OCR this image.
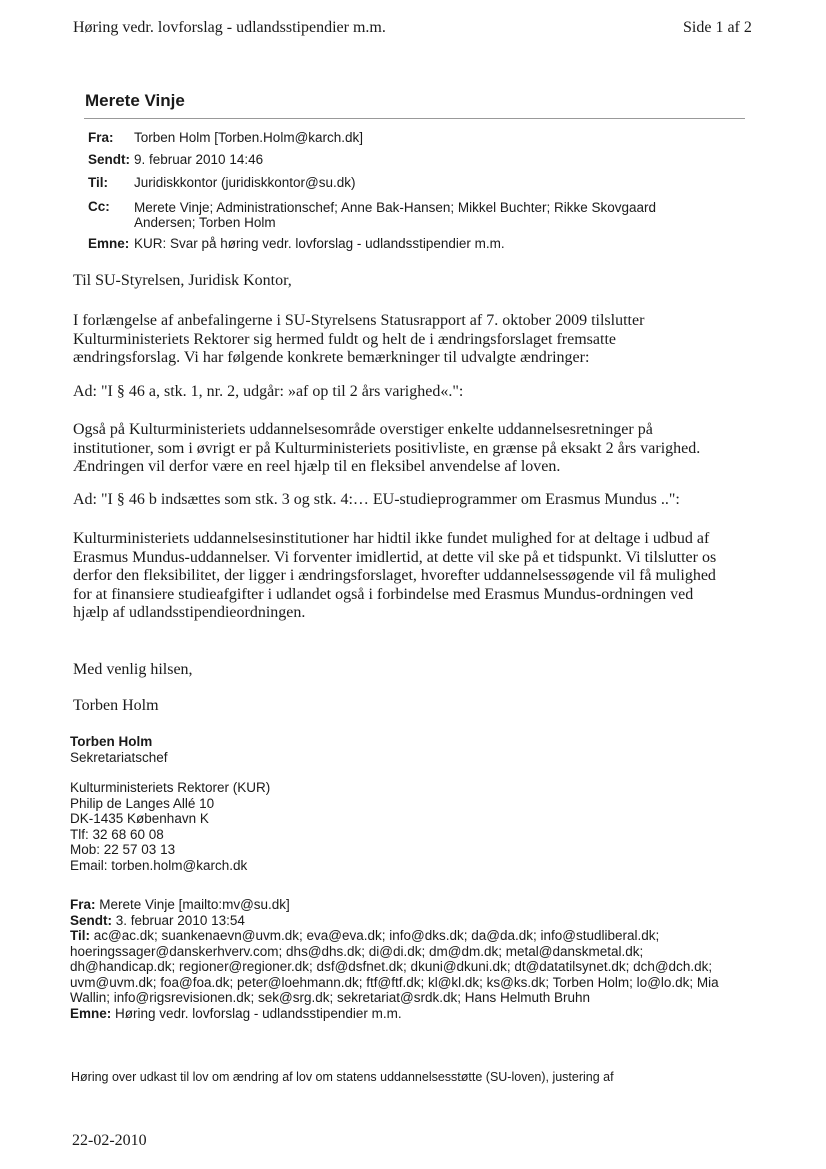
Høring vedr. lovforslag - udlandsstipendier m.m.	Side 1 af 2
Merete Vinje
Fra: Torben Holm [Torben.Holm@karch.dk]
Sendt: 9. februar 2010 14:46
Til: Juridiskkontor (juridiskkontor@su.dk)
Cc: Merete Vinje; Administrationschef; Anne Bak-Hansen; Mikkel Buchter; Rikke Skovgaard
Andersen; Torben Holm
Emne: KUR: Svar på høring vedr. lovforslag - udlandsstipendier m.m.

Til SU-Styrelsen, Juridisk Kontor,

I forlængelse af anbefalingerne i SU-Styrelsens Statusrapport af 7. oktober 2009 tilslutter
Kulturministeriets Rektorer sig hermed fuldt og helt de i ændringsforslaget fremsatte
ændringsforslag. Vi har følgende konkrete bemærkninger til udvalgte ændringer:

Ad: "I § 46 a, stk. 1, nr. 2, udgår: »af op til 2 års varighed«.":

Også på Kulturministeriets uddannelsesområde overstiger enkelte uddannelsesretninger på
institutioner, som i øvrigt er på Kulturministeriets positivliste, en grænse på eksakt 2 års varighed.
Ændringen vil derfor være en reel hjælp til en fleksibel anvendelse af loven.

Ad: "I § 46 b indsættes som stk. 3 og stk. 4:… EU-studieprogrammer om Erasmus Mundus ..":

Kulturministeriets uddannelsesinstitutioner har hidtil ikke fundet mulighed for at deltage i udbud af
Erasmus Mundus-uddannelser. Vi forventer imidlertid, at dette vil ske på et tidspunkt. Vi tilslutter os
derfor den fleksibilitet, der ligger i ændringsforslaget, hvorefter uddannelsessøgende vil få mulighed
for at finansiere studieafgifter i udlandet også i forbindelse med Erasmus Mundus-ordningen ved
hjælp af udlandsstipendieordningen.

Med venlig hilsen,

Torben Holm

Torben Holm
Sekretariatschef
Kulturministeriets Rektorer (KUR)
Philip de Langes Allé 10
DK-1435 København K
Tlf: 32 68 60 08
Mob: 22 57 03 13
Email: torben.holm@karch.dk
Fra: Merete Vinje [mailto:mv@su.dk]
Sendt: 3. februar 2010 13:54
Til: ac@ac.dk; suankenaevn@uvm.dk; eva@eva.dk; info@dks.dk; da@da.dk; info@studliberal.dk;
hoeringssager@danskerhverv.com; dhs@dhs.dk; di@di.dk; dm@dm.dk; metal@danskmetal.dk;
dh@handicap.dk; regioner@regioner.dk; dsf@dsfnet.dk; dkuni@dkuni.dk; dt@datatilsynet.dk; dch@dch.dk;
uvm@uvm.dk; foa@foa.dk; peter@loehmann.dk; ftf@ftf.dk; kl@kl.dk; ks@ks.dk; Torben Holm; lo@lo.dk; Mia
Wallin; info@rigsrevisionen.dk; sek@srg.dk; sekretariat@srdk.dk; Hans Helmuth Bruhn
Emne: Høring vedr. lovforslag - udlandsstipendier m.m.
Høring over udkast til lov om ændring af lov om statens uddannelsesstøtte (SU-loven), justering af
22-02-2010
